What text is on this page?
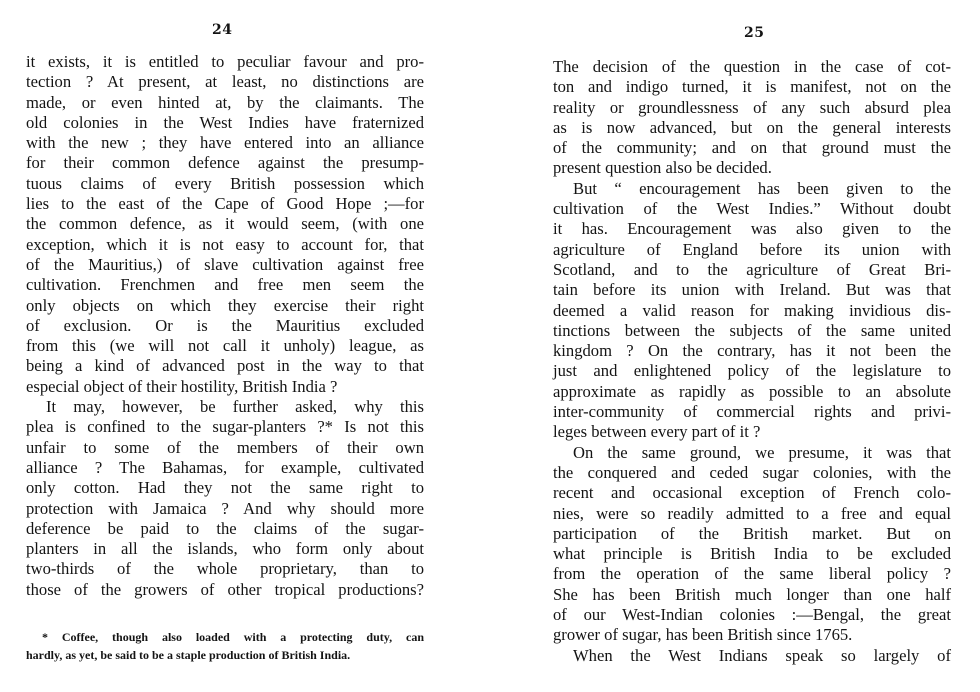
24
it exists, it is entitled to peculiar favour and pro-
tection ? At present, at least, no distinctions are
made, or even hinted at, by the claimants. The
old colonies in the West Indies have fraternized
with the new ; they have entered into an alliance
for their common defence against the presump-
tuous claims of every British possession which
lies to the east of the Cape of Good Hope ;—for
the common defence, as it would seem, (with one
exception, which it is not easy to account for, that
of the Mauritius,) of slave cultivation against free
cultivation. Frenchmen and free men seem the
only objects on which they exercise their right
of exclusion. Or is the Mauritius excluded
from this (we will not call it unholy) league, as
being a kind of advanced post in the way to that
especial object of their hostility, British India ?
It may, however, be further asked, why this
plea is confined to the sugar-planters ?* Is not this
unfair to some of the members of their own
alliance ? The Bahamas, for example, cultivated
only cotton. Had they not the same right to
protection with Jamaica ? And why should more
deference be paid to the claims of the sugar-
planters in all the islands, who form only about
two-thirds of the whole proprietary, than to
those of the growers of other tropical productions?
* Coffee, though also loaded with a protecting duty, can
hardly, as yet, be said to be a staple production of British India.
25
The decision of the question in the case of cot-
ton and indigo turned, it is manifest, not on the
reality or groundlessness of any such absurd plea
as is now advanced, but on the general interests
of the community; and on that ground must the
present question also be decided.
But “ encouragement has been given to the
cultivation of the West Indies.” Without doubt
it has. Encouragement was also given to the
agriculture of England before its union with
Scotland, and to the agriculture of Great Bri-
tain before its union with Ireland. But was that
deemed a valid reason for making invidious dis-
tinctions between the subjects of the same united
kingdom ? On the contrary, has it not been the
just and enlightened policy of the legislature to
approximate as rapidly as possible to an absolute
inter-community of commercial rights and privi-
leges between every part of it ?
On the same ground, we presume, it was that
the conquered and ceded sugar colonies, with the
recent and occasional exception of French colo-
nies, were so readily admitted to a free and equal
participation of the British market. But on
what principle is British India to be excluded
from the operation of the same liberal policy ?
She has been British much longer than one half
of our West-Indian colonies :—Bengal, the great
grower of sugar, has been British since 1765.
When the West Indians speak so largely of
